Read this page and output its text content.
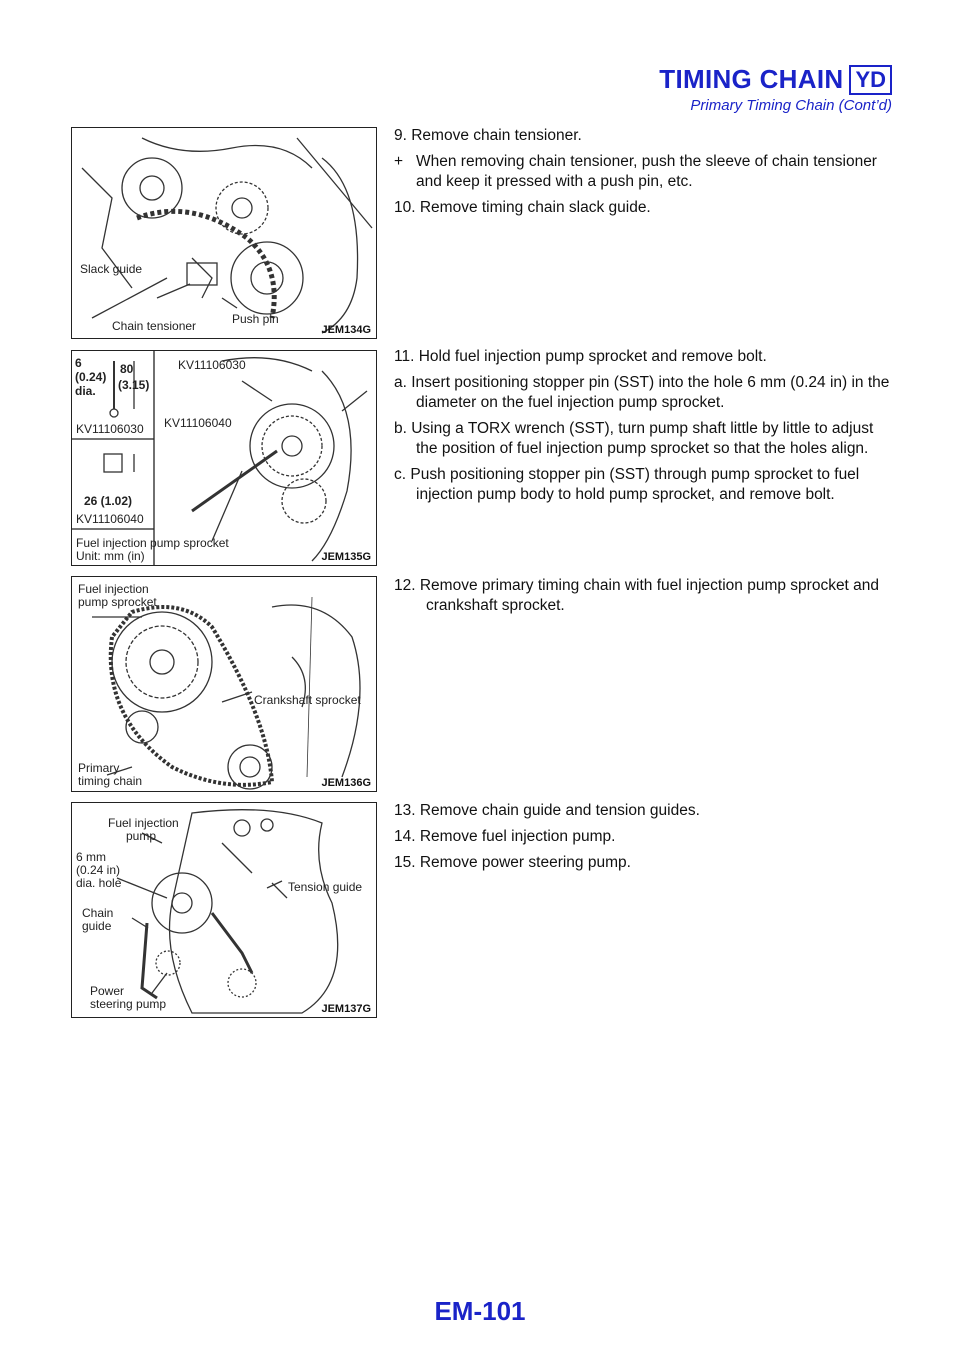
TIMING CHAIN YD
Primary Timing Chain (Cont’d)
Slack guide
Chain tensioner	Push pin
JEM134G
6
(0.24)
dia.
80
(3.15)
KV11106030
26 (1.02)
KV11106040
KV11106030
KV11106040
Fuel injection pump sprocket
Unit: mm (in)	JEM135G
Fuel injection
pump sprocket
Crankshaft sprocket
Primary
timing chain	JEM136G
Fuel injection
pump
6 mm
(0.24 in)
dia. hole	Tension guide
Chain
guide
Power
steering pump	JEM137G

9. Remove chain tensioner.

+ When removing chain tensioner, push the sleeve of chain tensioner and keep it pressed with a push pin, etc.

10. Remove timing chain slack guide.

11. Hold fuel injection pump sprocket and remove bolt.

a. Insert positioning stopper pin (SST) into the hole 6 mm (0.24 in) in the diameter on the fuel injection pump sprocket.

b. Using a TORX wrench (SST), turn pump shaft little by little to adjust the position of fuel injection pump sprocket so that the holes align.

c. Push positioning stopper pin (SST) through pump sprocket to fuel injection pump body to hold pump sprocket, and remove bolt.

12. Remove primary timing chain with fuel injection pump sprocket and crankshaft sprocket.

13. Remove chain guide and tension guides.

14. Remove fuel injection pump.

15. Remove power steering pump.

EM-101
